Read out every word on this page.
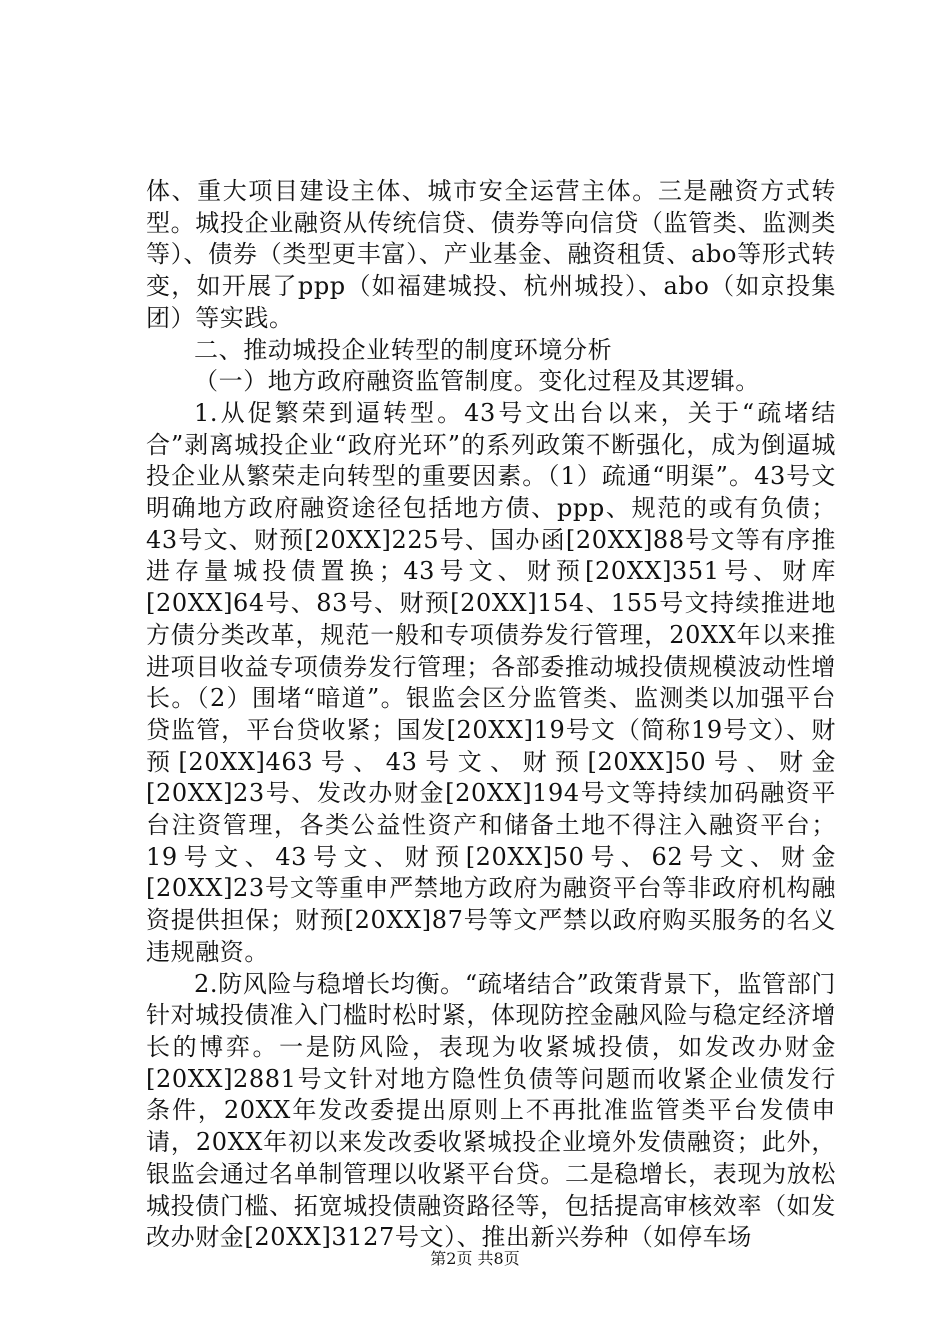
体、重大项目建设主体、城市安全运营主体。三是融资方式转型。城投企业融资从传统信贷、债券等向信贷（监管类、监测类等）、债券（类型更丰富）、产业基金、融资租赁、abo等形式转变，如开展了ppp（如福建城投、杭州城投）、abo（如京投集团）等实践。

二、推动城投企业转型的制度环境分析

（一）地方政府融资监管制度。变化过程及其逻辑。

1.从促繁荣到逼转型。43号文出台以来，关于“疏堵结合”剥离城投企业“政府光环”的系列政策不断强化，成为倒逼城投企业从繁荣走向转型的重要因素。（1）疏通“明渠”。43号文明确地方政府融资途径包括地方债、ppp、规范的或有负债；43号文、财预[20XX]225号、国办函[20XX]88号文等有序推进存量城投债置换；43号文、财预[20XX]351号、财库[20XX]64号、83号、财预[20XX]154、155号文持续推进地方债分类改革，规范一般和专项债券发行管理，20XX年以来推进项目收益专项债券发行管理；各部委推动城投债规模波动性增长。（2）围堵“暗道”。银监会区分监管类、监测类以加强平台贷监管，平台贷收紧；国发[20XX]19号文（简称19号文）、财预[20XX]463号、43号文、财预[20XX]50号、财金[20XX]23号、发改办财金[20XX]194号文等持续加码融资平台注资管理，各类公益性资产和储备土地不得注入融资平台；19号文、43号文、财预[20XX]50号、62号文、财金[20XX]23号文等重申严禁地方政府为融资平台等非政府机构融资提供担保；财预[20XX]87号等文严禁以政府购买服务的名义违规融资。

2.防风险与稳增长均衡。“疏堵结合”政策背景下，监管部门针对城投债准入门槛时松时紧，体现防控金融风险与稳定经济增长的博弈。一是防风险，表现为收紧城投债，如发改办财金[20XX]2881号文针对地方隐性负债等问题而收紧企业债发行条件，20XX年发改委提出原则上不再批准监管类平台发债申请，20XX年初以来发改委收紧城投企业境外发债融资；此外，银监会通过名单制管理以收紧平台贷。二是稳增长，表现为放松城投债门槛、拓宽城投债融资路径等，包括提高审核效率（如发改办财金[20XX]3127号文）、推出新兴券种（如停车场

第2页 共8页
